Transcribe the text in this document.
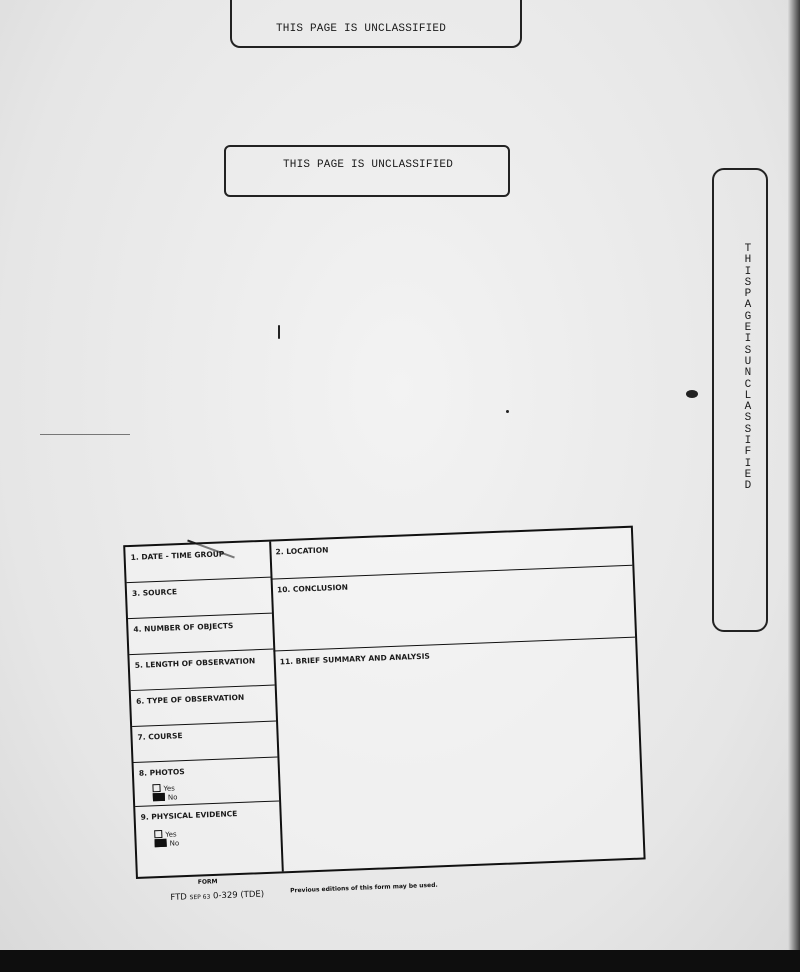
THIS PAGE IS UNCLASSIFIED
THIS PAGE IS UNCLASSIFIED
THIS PAGE IS UNCLASSIFIED
1. DATE - TIME GROUP
3. SOURCE
4. NUMBER OF OBJECTS
5. LENGTH OF OBSERVATION
6. TYPE OF OBSERVATION
7. COURSE
8. PHOTOS
Yes
No
9. PHYSICAL EVIDENCE
Yes
No
2. LOCATION
10. CONCLUSION
11. BRIEF SUMMARY AND ANALYSIS
FORM
FTD SEP 63 0-329 (TDE)
Previous editions of this form may be used.
